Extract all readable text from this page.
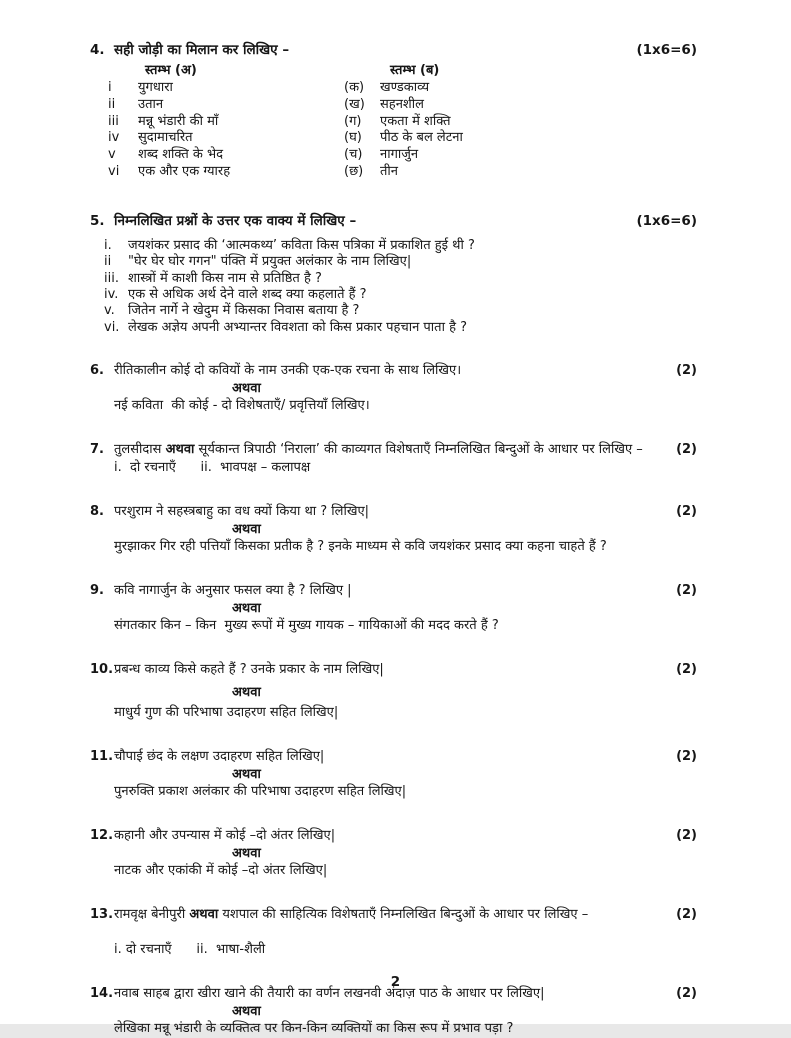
4. सही जोड़ी का मिलान कर लिखिए –	(1x6=6)
स्तम्भ (अ)	स्तम्भ (ब)
i	युगधारा	(क)	खण्डकाव्य
ii	उतान	(ख)	सहनशील
iii	मन्नू भंडारी की माँ	(ग)	एकता में शक्ति
iv	सुदामाचरित	(घ)	पीठ के बल लेटना
v	शब्द शक्ति के भेद	(च)	नागार्जुन
vi	एक और एक ग्यारह	(छ)	तीन
5. निम्नलिखित प्रश्नों के उत्तर एक वाक्य में लिखिए –	(1x6=6)
i.	जयशंकर प्रसाद की ‘आत्मकथ्य’ कविता किस पत्रिका में प्रकाशित हुई थी ?
ii	"घेर घेर घोर गगन" पंक्ति में प्रयुक्त अलंकार के नाम लिखिए|
iii. शास्त्रों में काशी किस नाम से प्रतिष्ठित है ?
iv. एक से अधिक अर्थ देने वाले शब्द क्या कहलाते हैं ?
v.	जितेन नार्गे ने खेदुम में किसका निवास बताया है ?
vi. लेखक अज्ञेय अपनी अभ्यान्तर विवशता को किस प्रकार पहचान पाता है ?
6. रीतिकालीन कोई दो कवियों के नाम उनकी एक-एक रचना के साथ लिखिए।	(2)
अथवा
नई कविता  की कोई - दो विशेषताएँ/ प्रवृत्तियाँ लिखिए।
7. तुलसीदास अथवा सूर्यकान्त त्रिपाठी ‘निराला’ की काव्यगत विशेषताएँ निम्नलिखित बिन्दुओं के आधार पर लिखिए –	(2)
i.  दो रचनाएँ      ii.  भावपक्ष – कलापक्ष
8. परशुराम ने सहस्त्रबाहु का वध क्यों किया था ? लिखिए|	(2)
अथवा
मुरझाकर गिर रही पत्तियाँ किसका प्रतीक है ? इनके माध्यम से कवि जयशंकर प्रसाद क्या कहना चाहते हैं ?
9. कवि नागार्जुन के अनुसार फसल क्या है ? लिखिए |	(2)
अथवा
संगतकार किन – किन  मुख्य रूपों में मुख्य गायक – गायिकाओं की मदद करते हैं ?
10. प्रबन्ध काव्य किसे कहते हैं ? उनके प्रकार के नाम लिखिए|	(2)
अथवा
माधुर्य गुण की परिभाषा उदाहरण सहित लिखिए|
11. चौपाई छंद के लक्षण उदाहरण सहित लिखिए|	(2)
अथवा
पुनरुक्ति प्रकाश अलंकार की परिभाषा उदाहरण सहित लिखिए|
12. कहानी और उपन्यास में कोई –दो अंतर लिखिए|	(2)
अथवा
नाटक और एकांकी में कोई –दो अंतर लिखिए|
13. रामवृक्ष बेनीपुरी अथवा यशपाल की साहित्यिक विशेषताएँ निम्नलिखित बिन्दुओं के आधार पर लिखिए –	(2)
i. दो रचनाएँ      ii.  भाषा-शैली
14. नवाब साहब द्वारा खीरा खाने की तैयारी का वर्णन लखनवी अंदाज़ पाठ के आधार पर लिखिए|	(2)
अथवा
लेखिका मन्नू भंडारी के व्यक्तित्व पर किन-किन व्यक्तियों का किस रूप में प्रभाव पड़ा ?
2
